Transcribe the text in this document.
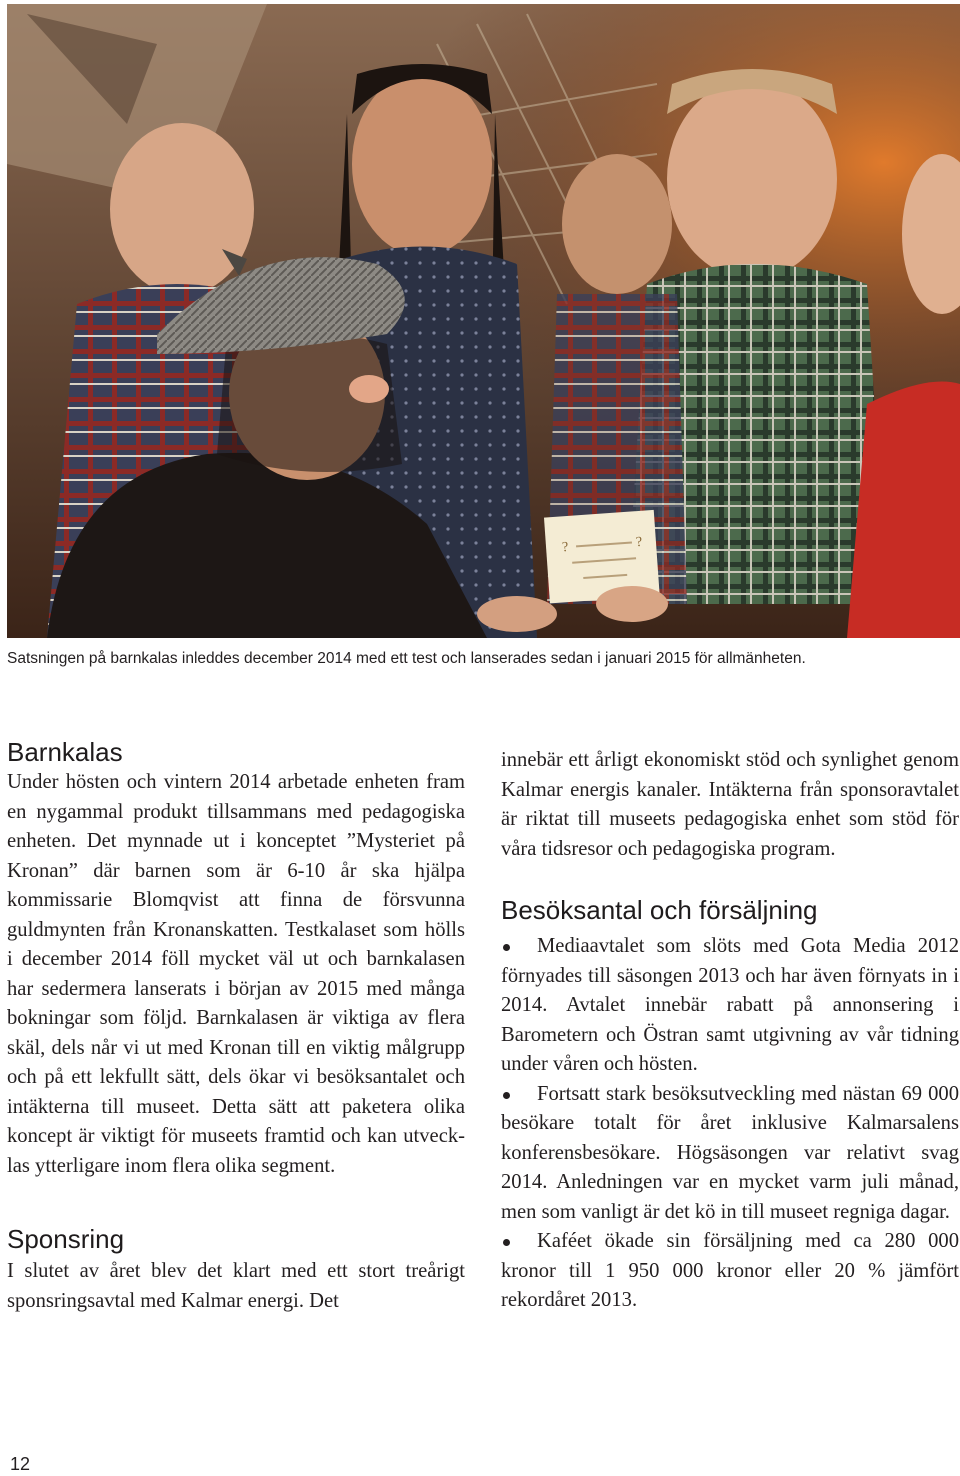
?	?
Satsningen på barnkalas inleddes december 2014 med ett test och lanserades sedan i januari 2015 för allmänheten.
Barnkalas

Under hösten och vintern 2014 arbetade enheten fram en nygammal produkt tillsammans med pedagogiska enheten. Det mynnade ut i konceptet ”Mysteriet på Kronan” där barnen som är 6-10 år ska hjälpa kommissarie Blomqvist att finna de försvunna guldmynten från Kronanskatten. Testkalaset som hölls i december 2014 föll mycket väl ut och barnkalasen har sedermera lanserats i början av 2015 med många bokningar som följd. Barnkalasen är viktiga av flera skäl, dels når vi ut med Kronan till en viktig målgrupp och på ett lekfullt sätt, dels ökar vi besöksantalet och intäkterna till museet. Detta sätt att paketera olika koncept är viktigt för museets framtid och kan utvecklas ytterligare inom flera olika segment.

Sponsring

I slutet av året blev det klart med ett stort treårigt sponsringsavtal med Kalmar energi. Det

innebär ett årligt ekonomiskt stöd och synlighet genom Kalmar energis kanaler. Intäkterna från sponsoravtalet är riktat till museets pedagogiska enhet som stöd för våra tidsresor och pedagogiska program.

Besöksantal och försäljning
Mediaavtalet som slöts med Gota Media 2012 förnyades till säsongen 2013 och har även förnyats in i 2014. Avtalet innebär rabatt på annonsering i Barometern och Östran samt utgivning av vår tidning under våren och hösten.
Fortsatt stark besöksutveckling med nästan 69 000 besökare totalt för året inklusive Kalmarsalens konferensbesökare. Högsäsongen var relativt svag 2014. Anledningen var en mycket varm juli månad, men som vanligt är det kö in till museet regniga dagar.
Kaféet ökade sin försäljning med ca 280 000 kronor till 1 950 000 kronor eller 20 % jämfört rekordåret 2013.
12
